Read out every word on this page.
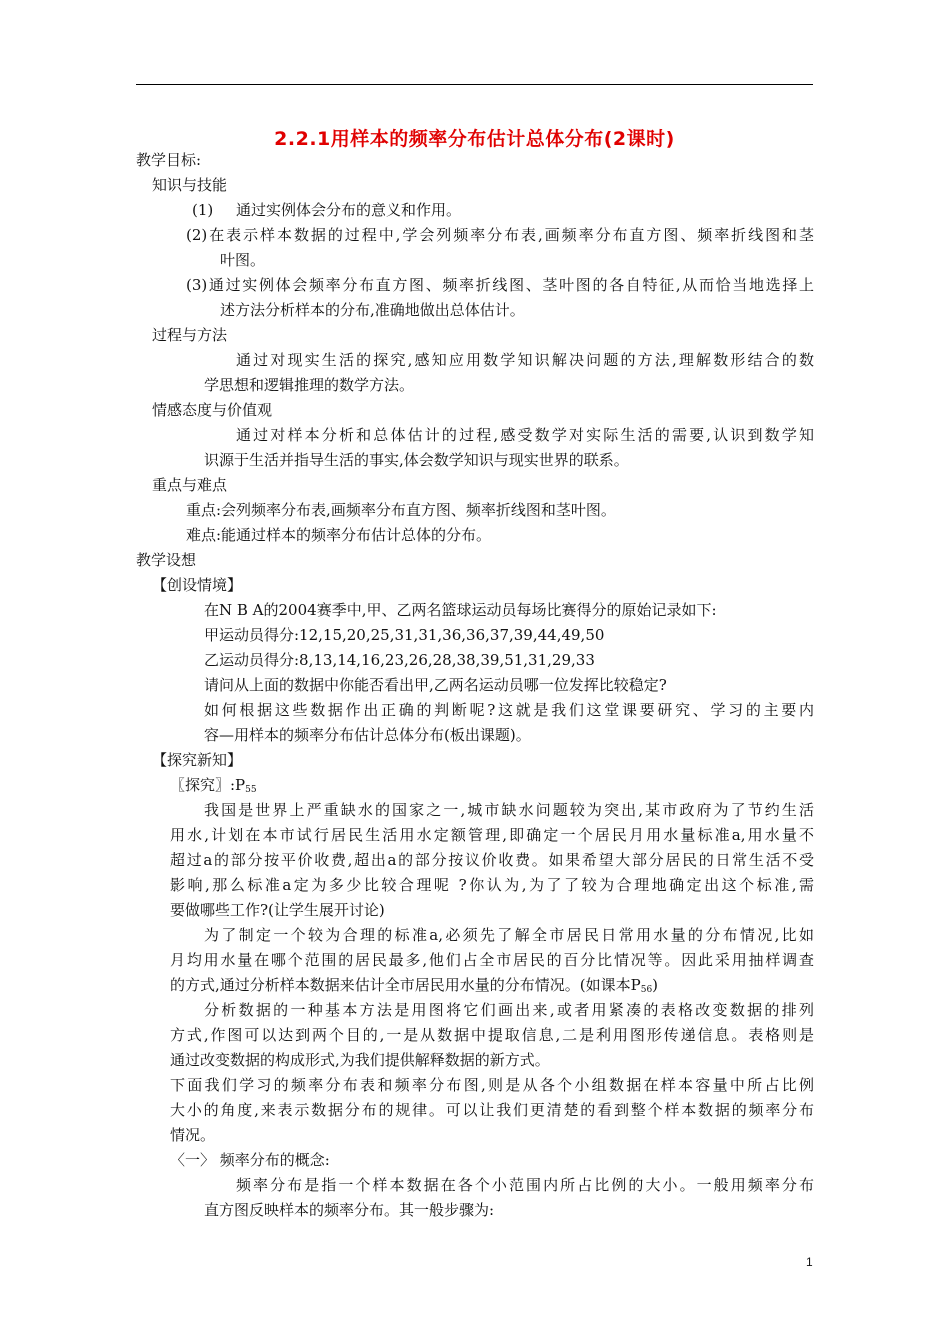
2.2.1用样本的频率分布估计总体分布(2课时)
教学目标:
知识与技能
(1) 通过实例体会分布的意义和作用。
(2)在表示样本数据的过程中,学会列频率分布表,画频率分布直方图、频率折线图和茎
叶图。
(3)通过实例体会频率分布直方图、频率折线图、茎叶图的各自特征,从而恰当地选择上
述方法分析样本的分布,准确地做出总体估计。
过程与方法
通过对现实生活的探究,感知应用数学知识解决问题的方法,理解数形结合的数
学思想和逻辑推理的数学方法。
情感态度与价值观
通过对样本分析和总体估计的过程,感受数学对实际生活的需要,认识到数学知
识源于生活并指导生活的事实,体会数学知识与现实世界的联系。
重点与难点
重点:会列频率分布表,画频率分布直方图、频率折线图和茎叶图。
难点:能通过样本的频率分布估计总体的分布。
教学设想
【创设情境】
在N B A的2004赛季中,甲、乙两名篮球运动员每场比赛得分的原始记录如下:
甲运动员得分:12,15,20,25,31,31,36,36,37,39,44,49,50
乙运动员得分:8,13,14,16,23,26,28,38,39,51,31,29,33
请问从上面的数据中你能否看出甲,乙两名运动员哪一位发挥比较稳定?
如何根据这些数据作出正确的判断呢?这就是我们这堂课要研究、学习的主要内
容—用样本的频率分布估计总体分布(板出课题)。
【探究新知】
〖探究〗$:P_{55}$
我国是世界上严重缺水的国家之一,城市缺水问题较为突出,某市政府为了节约生活
用水,计划在本市试行居民生活用水定额管理,即确定一个居民月用水量标准a,用水量不
超过a的部分按平价收费,超出a的部分按议价收费。如果希望大部分居民的日常生活不受
影响,那么标准a定为多少比较合理呢 ?你认为,为了了较为合理地确定出这个标准,需
要做哪些工作?(让学生展开讨论)
为了制定一个较为合理的标准a,必须先了解全市居民日常用水量的分布情况,比如
月均用水量在哪个范围的居民最多,他们占全市居民的百分比情况等。因此采用抽样调查
的方式,通过分析样本数据来估计全市居民用水量的分布情况。(如课本$P_{56}$)
分析数据的一种基本方法是用图将它们画出来,或者用紧凑的表格改变数据的排列
方式,作图可以达到两个目的,一是从数据中提取信息,二是利用图形传递信息。表格则是
通过改变数据的构成形式,为我们提供解释数据的新方式。
下面我们学习的频率分布表和频率分布图,则是从各个小组数据在样本容量中所占比例
大小的角度,来表示数据分布的规律。可以让我们更清楚的看到整个样本数据的频率分布
情况。
〈一〉 频率分布的概念:
频率分布是指一个样本数据在各个小范围内所占比例的大小。一般用频率分布
直方图反映样本的频率分布。其一般步骤为:
1
